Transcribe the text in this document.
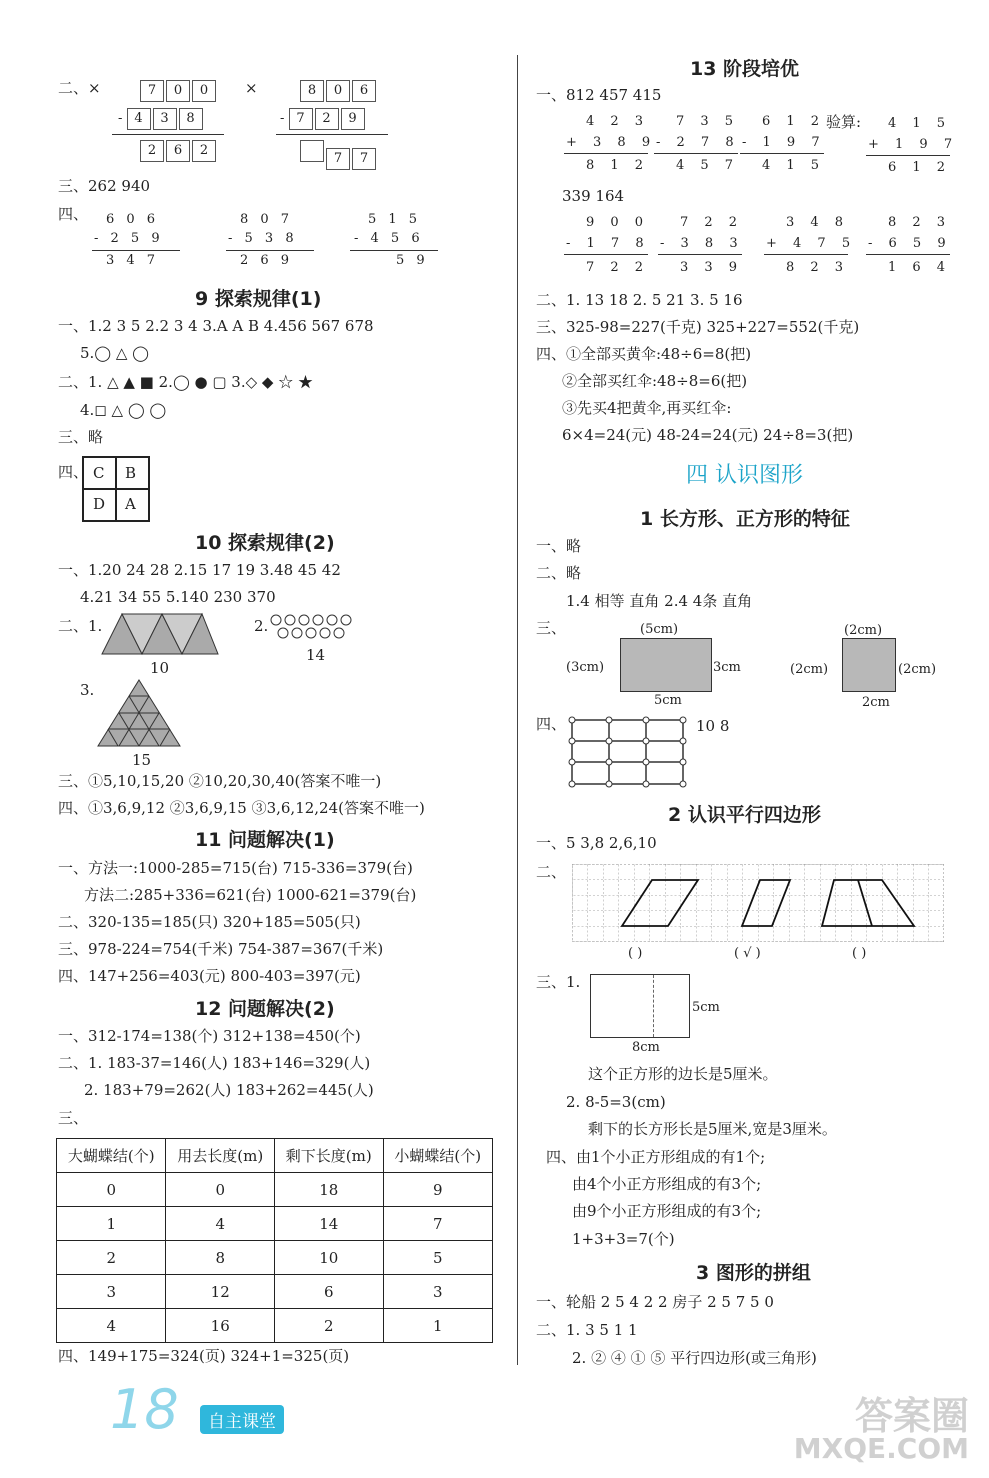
二、×	7 0 0
- 4 3 8
2 6 2
×	8 0 6
- 7 2 9
7 7
三、262 940
四、 6 0 6
- 2 5 9
3 4 7
8 0 7
- 5 3 8
2 6 9
5 1 5
- 4 5 6
5 9
9 探索规律(1)
一、1.2 3 5 2.2 3 4 3.A A B 4.456 567 678
5.◯ △ ◯
二、1. △ ▲ ■ 2.◯ ● ▢ 3.◇ ◆ ☆ ★
4.◻ △ ◯ ◯
三、略
四、 C B
D A
10 探索规律(2)
一、1.20 24 28 2.15 17 19 3.48 45 42
4.21 34 55 5.140 230 370
二、1.
10
2.
14
3.
15
三、①5,10,15,20 ②10,20,30,40(答案不唯一)
四、①3,6,9,12 ②3,6,9,15 ③3,6,12,24(答案不唯一)
11 问题解决(1)
一、方法一:1000-285=715(台) 715-336=379(台)
方法二:285+336=621(台) 1000-621=379(台)
二、320-135=185(只) 320+185=505(只)
三、978-224=754(千米) 754-387=367(千米)
四、147+256=403(元) 800-403=397(元)
12 问题解决(2)
一、312-174=138(个) 312+138=450(个)
二、1. 183-37=146(人) 183+146=329(人)
2. 183+79=262(人) 183+262=445(人)
三、
大蝴蝶结(个)	用去长度(m)	剩下长度(m)	小蝴蝶结(个)
0	0	18	9
1	4	14	7
2	8	10	5
3	12	6	3
4	16	2	1
四、149+175=324(页) 324+1=325(页)
13 阶段培优
一、812 457 415
4 2 3
+ 3 8 9
8 1 2
7 3 5
- 2 7 8
4 5 7
6 1 2
- 1 9 7
4 1 5
验算: 4 1 5
+ 1 9 7
6 1 2
339 164
9 0 0
- 1 7 8
7 2 2
7 2 2
- 3 8 3
3 3 9
3 4 8
+ 4 7 5
8 2 3
8 2 3
- 6 5 9
1 6 4
二、1. 13 18 2. 5 21 3. 5 16
三、325-98=227(千克) 325+227=552(千克)
四、①全部买黄伞:48÷6=8(把)
②全部买红伞:48÷8=6(把)
③先买4把黄伞,再买红伞:
6×4=24(元) 48-24=24(元) 24÷8=3(把)
四 认识图形
1 长方形、正方形的特征
一、略
二、略
1.4 相等 直角 2.4 4条 直角
三、	(5cm)
(3cm)	3cm
5cm
(2cm)
(2cm)	(2cm)
2cm
四、	10 8
2 认识平行四边形
一、5 3,8 2,6,10
二、
( )	( √ )	( )
三、1.
5cm
8cm
这个正方形的边长是5厘米。
2. 8-5=3(cm)
剩下的长方形长是5厘米,宽是3厘米。
四、由1个小正方形组成的有1个;
由4个小正方形组成的有3个;
由9个小正方形组成的有3个;
1+3+3=7(个)
3 图形的拼组
一、轮船 2 5 4 2 2 房子 2 5 7 5 0
二、1. 3 5 1 1
2. ② ④ ① ⑤ 平行四边形(或三角形)
18	自主课堂	答案圈
MXQE.COM
